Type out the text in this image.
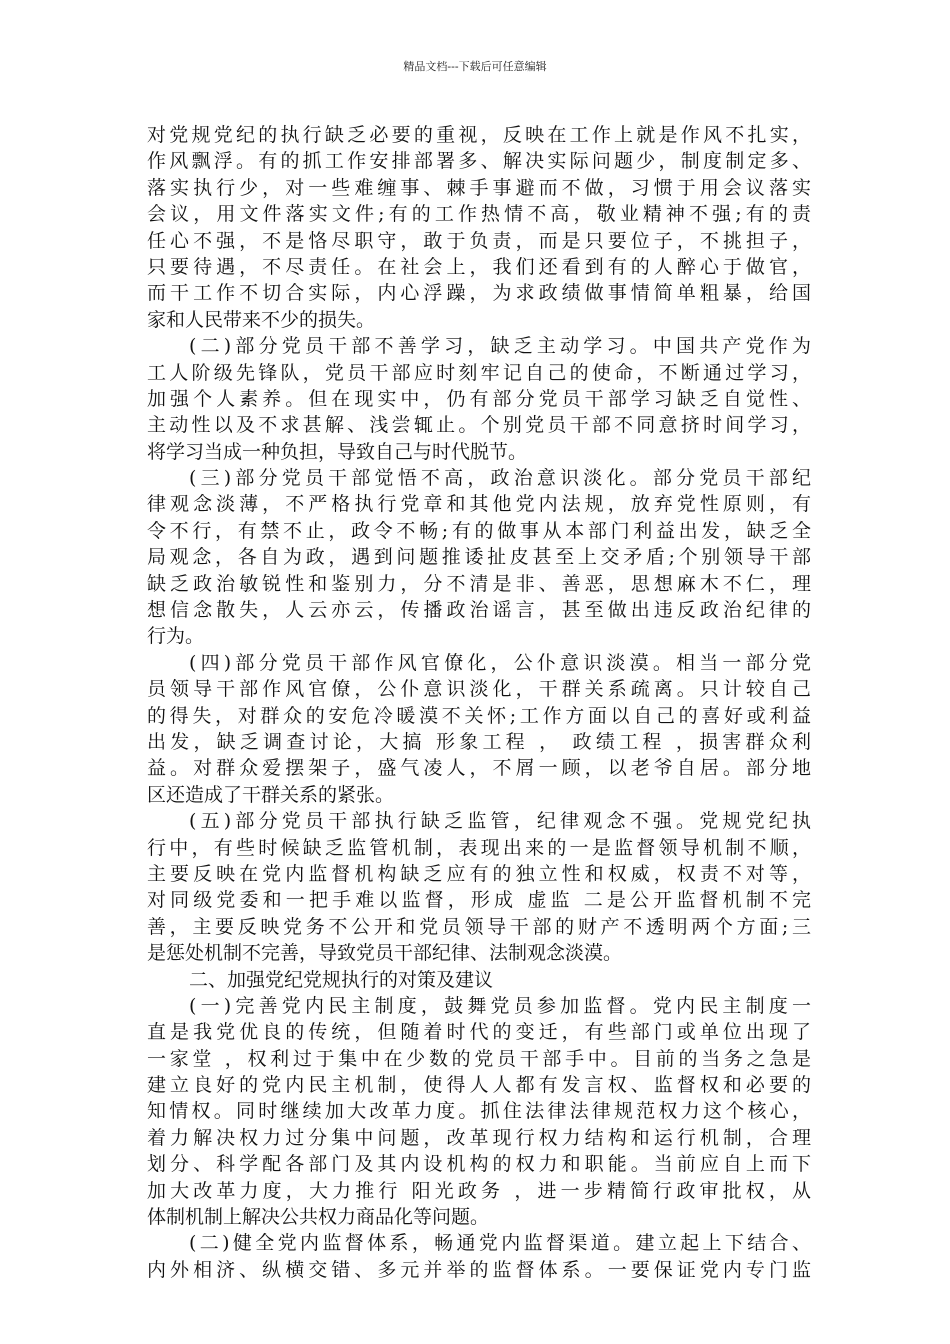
精品文档---下载后可任意编辑
对党规党纪的执行缺乏必要的重视，反映在工作上就是作风不扎实，
作风飘浮。有的抓工作安排部署多、解决实际问题少，制度制定多、
落实执行少，对一些难缠事、棘手事避而不做，习惯于用会议落实
会议，用文件落实文件;有的工作热情不高，敬业精神不强;有的责
任心不强，不是恪尽职守，敢于负责，而是只要位子，不挑担子，
只要待遇，不尽责任。在社会上，我们还看到有的人醉心于做官，
而干工作不切合实际，内心浮躁，为求政绩做事情简单粗暴，给国
家和人民带来不少的损失。
(二)部分党员干部不善学习，缺乏主动学习。中国共产党作为
工人阶级先锋队，党员干部应时刻牢记自己的使命，不断通过学习，
加强个人素养。但在现实中，仍有部分党员干部学习缺乏自觉性、
主动性以及不求甚解、浅尝辄止。个别党员干部不同意挤时间学习，
将学习当成一种负担，导致自己与时代脱节。
(三)部分党员干部觉悟不高，政治意识淡化。部分党员干部纪
律观念淡薄，不严格执行党章和其他党内法规，放弃党性原则，有
令不行，有禁不止，政令不畅;有的做事从本部门利益出发，缺乏全
局观念，各自为政，遇到问题推诿扯皮甚至上交矛盾;个别领导干部
缺乏政治敏锐性和鉴别力，分不清是非、善恶，思想麻木不仁，理
想信念散失，人云亦云，传播政治谣言，甚至做出违反政治纪律的
行为。
(四)部分党员干部作风官僚化，公仆意识淡漠。相当一部分党
员领导干部作风官僚，公仆意识淡化，干群关系疏离。只计较自己
的得失，对群众的安危冷暖漠不关怀;工作方面以自己的喜好或利益
出发，缺乏调查讨论，大搞 形象工程 ， 政绩工程 ，损害群众利
益。对群众爱摆架子，盛气凌人，不屑一顾，以老爷自居。部分地
区还造成了干群关系的紧张。
(五)部分党员干部执行缺乏监管，纪律观念不强。党规党纪执
行中，有些时候缺乏监管机制，表现出来的一是监督领导机制不顺，
主要反映在党内监督机构缺乏应有的独立性和权威，权责不对等，
对同级党委和一把手难以监督，形成 虚监 二是公开监督机制不完
善，主要反映党务不公开和党员领导干部的财产不透明两个方面;三
是惩处机制不完善，导致党员干部纪律、法制观念淡漠。
二、加强党纪党规执行的对策及建议
(一)完善党内民主制度，鼓舞党员参加监督。党内民主制度一
直是我党优良的传统，但随着时代的变迁，有些部门或单位出现了
一家堂 ，权利过于集中在少数的党员干部手中。目前的当务之急是
建立良好的党内民主机制，使得人人都有发言权、监督权和必要的
知情权。同时继续加大改革力度。抓住法律法律规范权力这个核心，
着力解决权力过分集中问题，改革现行权力结构和运行机制，合理
划分、科学配各部门及其内设机构的权力和职能。当前应自上而下
加大改革力度，大力推行 阳光政务 ，进一步精简行政审批权，从
体制机制上解决公共权力商品化等问题。
(二)健全党内监督体系，畅通党内监督渠道。建立起上下结合、
内外相济、纵横交错、多元并举的监督体系。一要保证党内专门监
